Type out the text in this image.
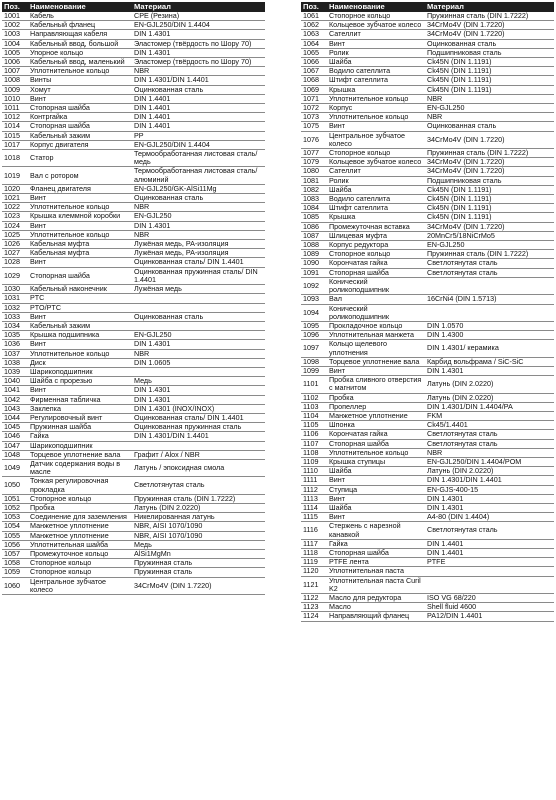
Поз.	Наименование	Материал
1001	Кабель	CPE (Резина)
1002	Кабельный фланец	EN-GJL250/DIN 1.4404
1003	Направляющая кабеля	DIN 1.4301
1004	Кабельный ввод, большой	Эластомер (твёрдость по Шору 70)
1005	Упорное кольцо	DIN 1.4301
1006	Кабельный ввод, маленький	Эластомер (твёрдость по Шору 70)
1007	Уплотнительное кольцо	NBR
1008	Винты	DIN 1.4301/DIN 1.4401
1009	Хомут	Оцинкованная сталь
1010	Винт	DIN 1.4401
1011	Стопорная шайба	DIN 1.4401
1012	Контргайка	DIN 1.4401
1014	Стопорная шайба	DIN 1.4401
1015	Кабельный зажим	PP
1017	Корпус двигателя	EN-GJL250/DIN 1.4404
1018	Статор	Термообработанная листовая сталь/медь
1019	Вал с ротором	Термообработанная листовая сталь/алюминий
1020	Фланец двигателя	EN-GJL250/GK-AlSi11Mg
1021	Винт	Оцинкованная сталь
1022	Уплотнительное кольцо	NBR
1023	Крышка клеммной коробки	EN-GJL250
1024	Винт	DIN 1.4301
1025	Уплотнительное кольцо	NBR
1026	Кабельная муфта	Лужёная медь, PA-изоляция
1027	Кабельная муфта	Лужёная медь, PA-изоляция
1028	Винт	Оцинкованная сталь/ DIN 1.4401
1029	Стопорная шайба	Оцинкованная пружинная сталь/ DIN 1.4401
1030	Кабельный наконечник	Лужёная медь
1031	PTC	
1032	PTO/PTC	
1033	Винт	Оцинкованная сталь
1034	Кабельный зажим	
1035	Крышка подшипника	EN-GJL250
1036	Винт	DIN 1.4301
1037	Уплотнительное кольцо	NBR
1038	Диск	DIN 1.0605
1039	Шарикоподшипник	
1040	Шайба с прорезью	Медь
1041	Винт	DIN 1.4301
1042	Фирменная табличка	DIN 1.4301
1043	Заклепка	DIN 1.4301 (INOX/INOX)
1044	Регулировочный винт	Оцинкованная сталь/ DIN 1.4401
1045	Пружинная шайба	Оцинкованная пружинная сталь
1046	Гайка	DIN 1.4301/DIN 1.4401
1047	Шарикоподшипник	
1048	Торцевое уплотнение вала	Графит / Alox / NBR
1049	Датчик содержания воды в масле	Латунь / эпоксидная смола
1050	Тонкая регулировочная прокладка	Светлотянутая сталь
1051	Стопорное кольцо	Пружинная сталь (DIN 1.7222)
1052	Пробка	Латунь (DIN 2.0220)
1053	Соединение для заземления	Никелированная латунь
1054	Манжетное уплотнение	NBR, AISI 1070/1090
1055	Манжетное уплотнение	NBR, AISI 1070/1090
1056	Уплотнительная шайба	Медь
1057	Промежуточное кольцо	AlSi1MgMn
1058	Стопорное кольцо	Пружинная сталь
1059	Стопорное кольцо	Пружинная сталь
1060	Центральное зубчатое колесо	34CrMo4V (DIN 1.7220)
Поз.	Наименование	Материал
1061	Стопорное кольцо	Пружинная сталь (DIN 1.7222)
1062	Кольцевое зубчатое колесо	34CrMo4V (DIN 1.7220)
1063	Сателлит	34CrMo4V (DIN 1.7220)
1064	Винт	Оцинкованная сталь
1065	Ролик	Подшипниковая сталь
1066	Шайба	Ck45N (DIN 1.1191)
1067	Водило сателлита	Ck45N (DIN 1.1191)
1068	Штифт сателлита	Ck45N (DIN 1.1191)
1069	Крышка	Ck45N (DIN 1.1191)
1071	Уплотнительное кольцо	NBR
1072	Корпус	EN-GJL250
1073	Уплотнительное кольцо	NBR
1075	Винт	Оцинкованная сталь
1076	Центральное зубчатое колесо	34CrMo4V (DIN 1.7220)
1077	Стопорное кольцо	Пружинная сталь (DIN 1.7222)
1079	Кольцевое зубчатое колесо	34CrMo4V (DIN 1.7220)
1080	Сателлит	34CrMo4V (DIN 1.7220)
1081	Ролик	Подшипниковая сталь
1082	Шайба	Ck45N (DIN 1.1191)
1083	Водило сателлита	Ck45N (DIN 1.1191)
1084	Штифт сателлита	Ck45N (DIN 1.1191)
1085	Крышка	Ck45N (DIN 1.1191)
1086	Промежуточная вставка	34CrMo4V (DIN 1.7220)
1087	Шлицевая муфта	20MnCr5/18NiCrMo5
1088	Корпус редуктора	EN-GJL250
1089	Стопорное кольцо	Пружинная сталь (DIN 1.7222)
1090	Корончатая гайка	Светлотянутая сталь
1091	Стопорная шайба	Светлотянутая сталь
1092	Конический роликоподшипник	
1093	Вал	16CrNi4 (DIN 1.5713)
1094	Конический роликоподшипник	
1095	Прокладочное кольцо	DIN 1.0570
1096	Уплотнительная манжета	DIN 1.4300
1097	Кольцо щелевого уплотнения	DIN 1.4301/ керамика
1098	Торцевое уплотнение вала	Карбид вольфрама / SiC-SiC
1099	Винт	DIN 1.4301
1101	Пробка сливного отверстия с магнитом	Латунь (DIN 2.0220)
1102	Пробка	Латунь (DIN 2.0220)
1103	Пропеллер	DIN 1.4301/DIN 1.4404/PA
1104	Манжетное уплотнение	FKM
1105	Шпонка	Ck45/1.4401
1106	Корончатая гайка	Светлотянутая сталь
1107	Стопорная шайба	Светлотянутая сталь
1108	Уплотнительное кольцо	NBR
1109	Крышка ступицы	EN-GJL250/DIN 1.4404/POM
1110	Шайба	Латунь (DIN 2.0220)
1111	Винт	DIN 1.4301/DIN 1.4401
1112	Ступица	EN-GJS-400-15
1113	Винт	DIN 1.4301
1114	Шайба	DIN 1.4301
1115	Винт	A4-80 (DIN 1.4404)
1116	Стержень с нарезной канавкой	Светлотянутая сталь
1117	Гайка	DIN 1.4401
1118	Стопорная шайба	DIN 1.4401
1119	PTFE лента	PTFE
1120	Уплотнительная паста	
1121	Уплотнительная паста Curil K2	
1122	Масло для редуктора	ISO VG 68/220
1123	Масло	Shell fluid 4600
1124	Направляющий фланец	PA12/DIN 1.4401
